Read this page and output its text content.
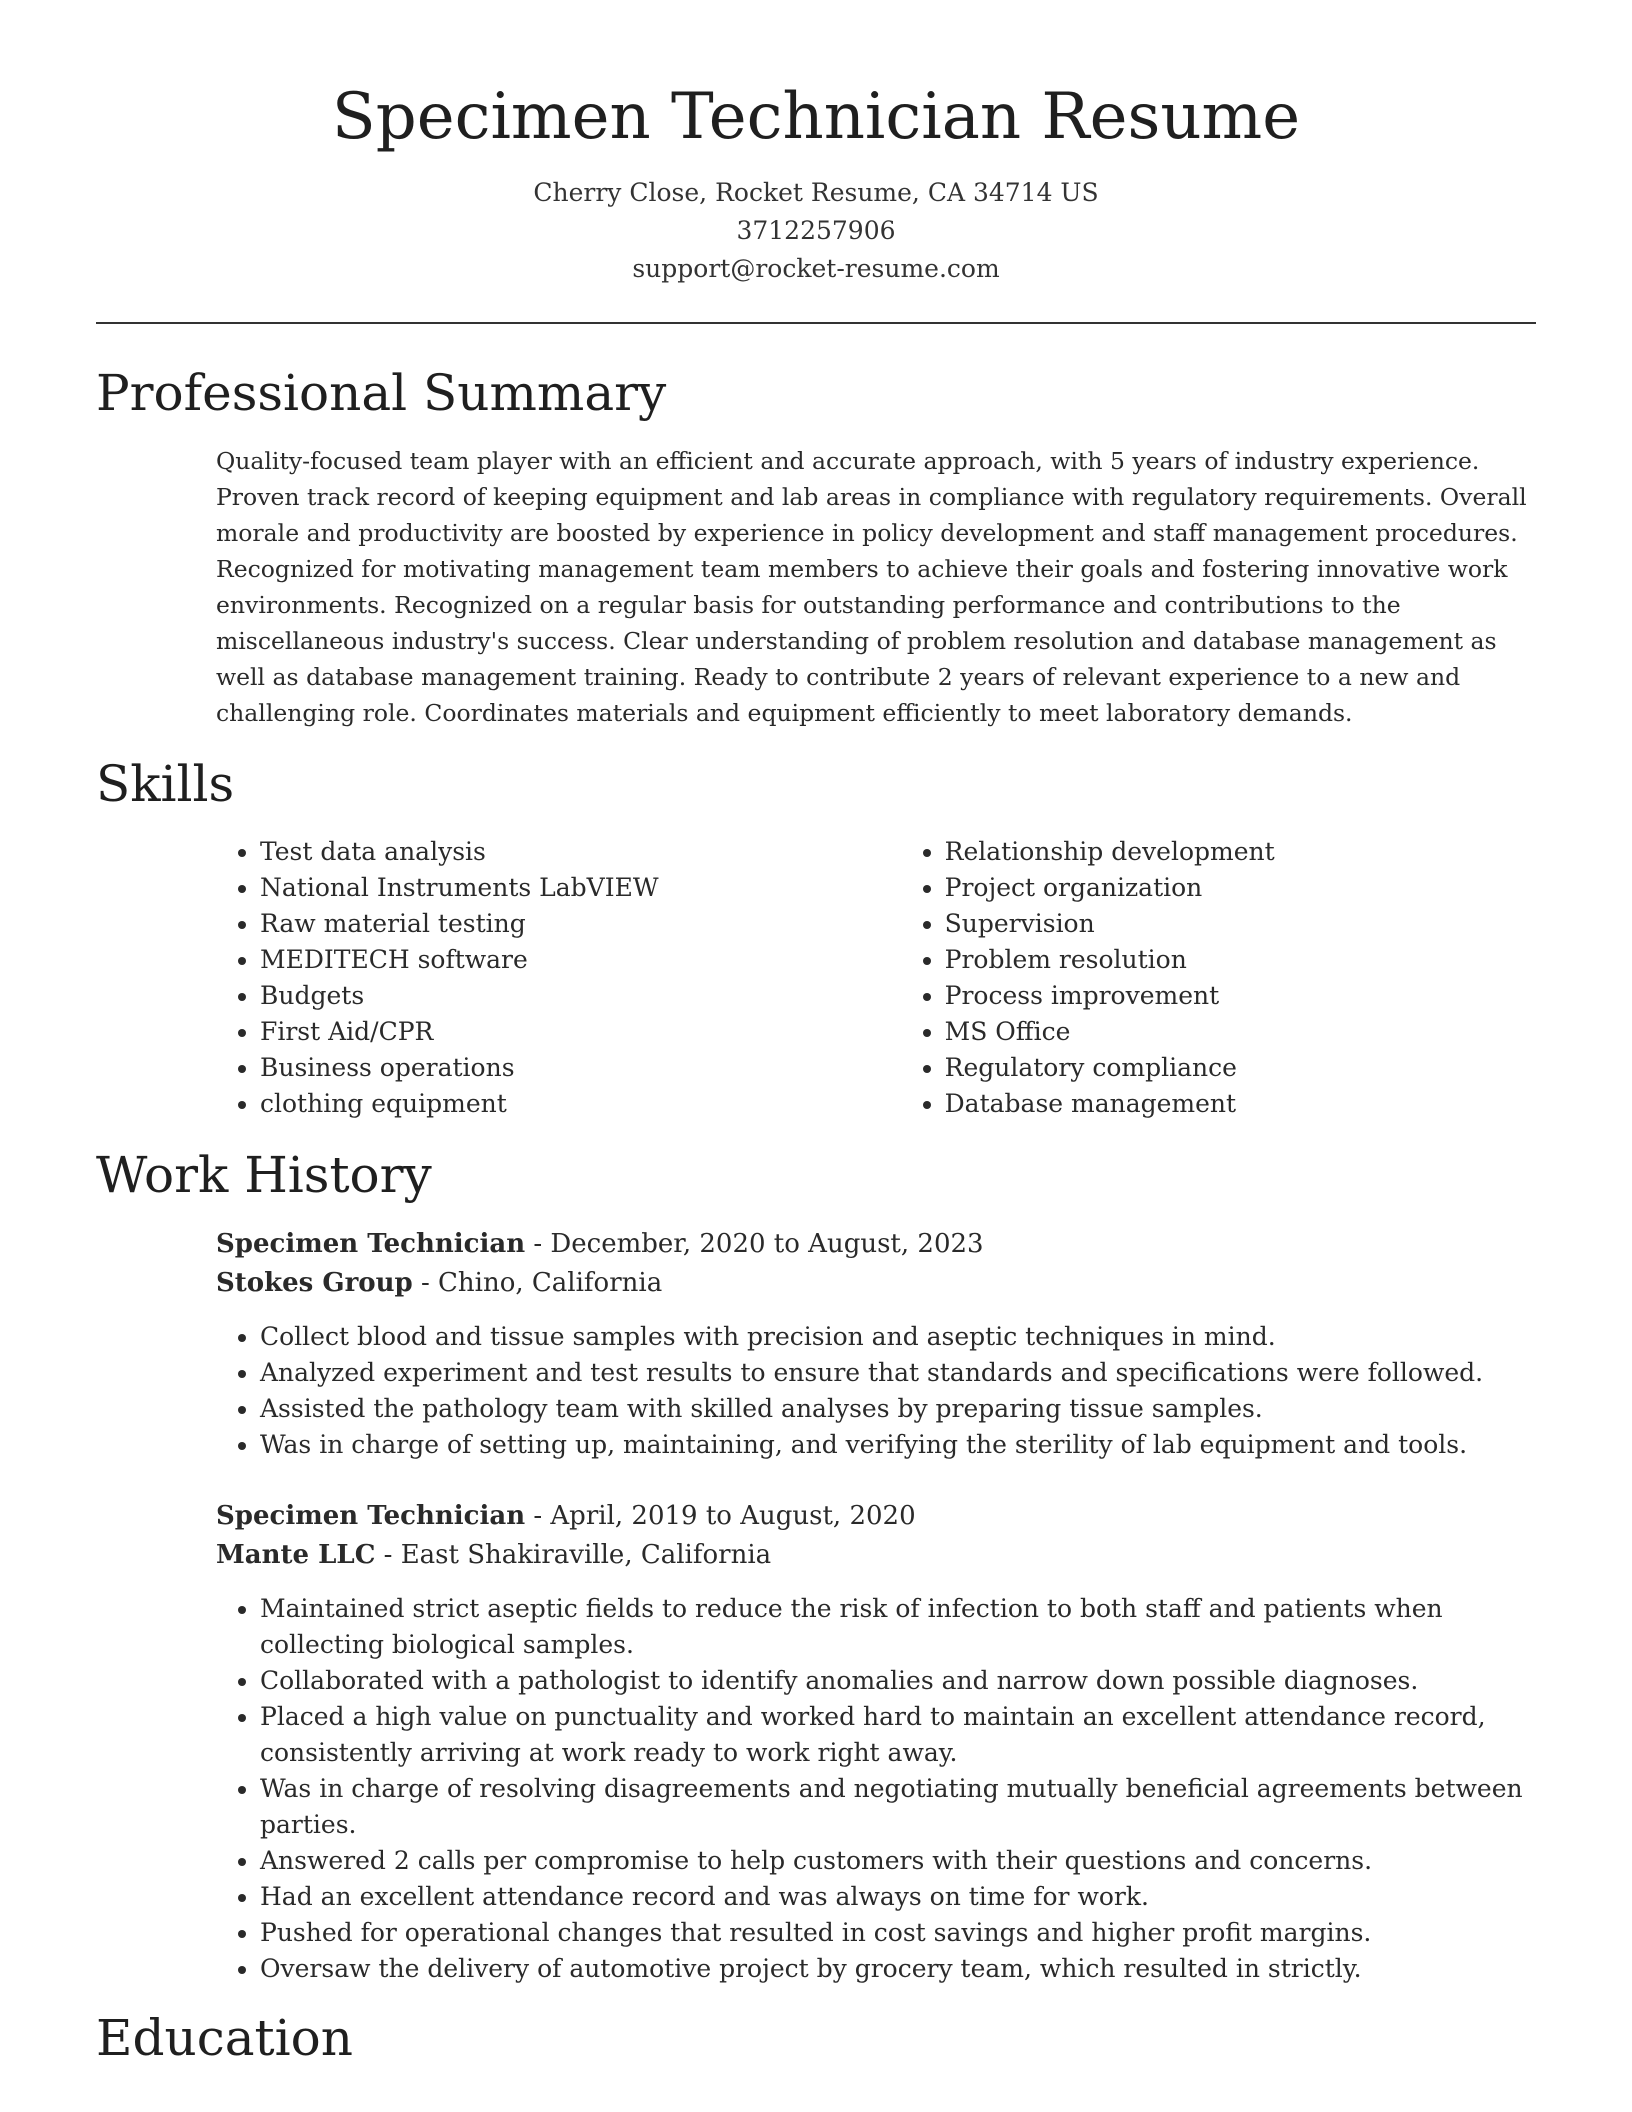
Specimen Technician Resume
Cherry Close, Rocket Resume, CA 34714 US
3712257906
support@rocket-resume.com
Professional Summary
Quality-focused team player with an efficient and accurate approach, with 5 years of industry experience. Proven track record of keeping equipment and lab areas in compliance with regulatory requirements. Overall morale and productivity are boosted by experience in policy development and staff management procedures. Recognized for motivating management team members to achieve their goals and fostering innovative work environments. Recognized on a regular basis for outstanding performance and contributions to the miscellaneous industry's success. Clear understanding of problem resolution and database management as well as database management training. Ready to contribute 2 years of relevant experience to a new and challenging role. Coordinates materials and equipment efficiently to meet laboratory demands.
Skills
• Test data analysis
• National Instruments LabVIEW
• Raw material testing
• MEDITECH software
• Budgets
• First Aid/CPR
• Business operations
• clothing equipment
• Relationship development
• Project organization
• Supervision
• Problem resolution
• Process improvement
• MS Office
• Regulatory compliance
• Database management
Work History
Specimen Technician - December, 2020 to August, 2023
Stokes Group - Chino, California
• Collect blood and tissue samples with precision and aseptic techniques in mind.
• Analyzed experiment and test results to ensure that standards and specifications were followed.
• Assisted the pathology team with skilled analyses by preparing tissue samples.
• Was in charge of setting up, maintaining, and verifying the sterility of lab equipment and tools.
Specimen Technician - April, 2019 to August, 2020
Mante LLC - East Shakiraville, California
• Maintained strict aseptic fields to reduce the risk of infection to both staff and patients when collecting biological samples.
• Collaborated with a pathologist to identify anomalies and narrow down possible diagnoses.
• Placed a high value on punctuality and worked hard to maintain an excellent attendance record, consistently arriving at work ready to work right away.
• Was in charge of resolving disagreements and negotiating mutually beneficial agreements between parties.
• Answered 2 calls per compromise to help customers with their questions and concerns.
• Had an excellent attendance record and was always on time for work.
• Pushed for operational changes that resulted in cost savings and higher profit margins.
• Oversaw the delivery of automotive project by grocery team, which resulted in strictly.
Education
